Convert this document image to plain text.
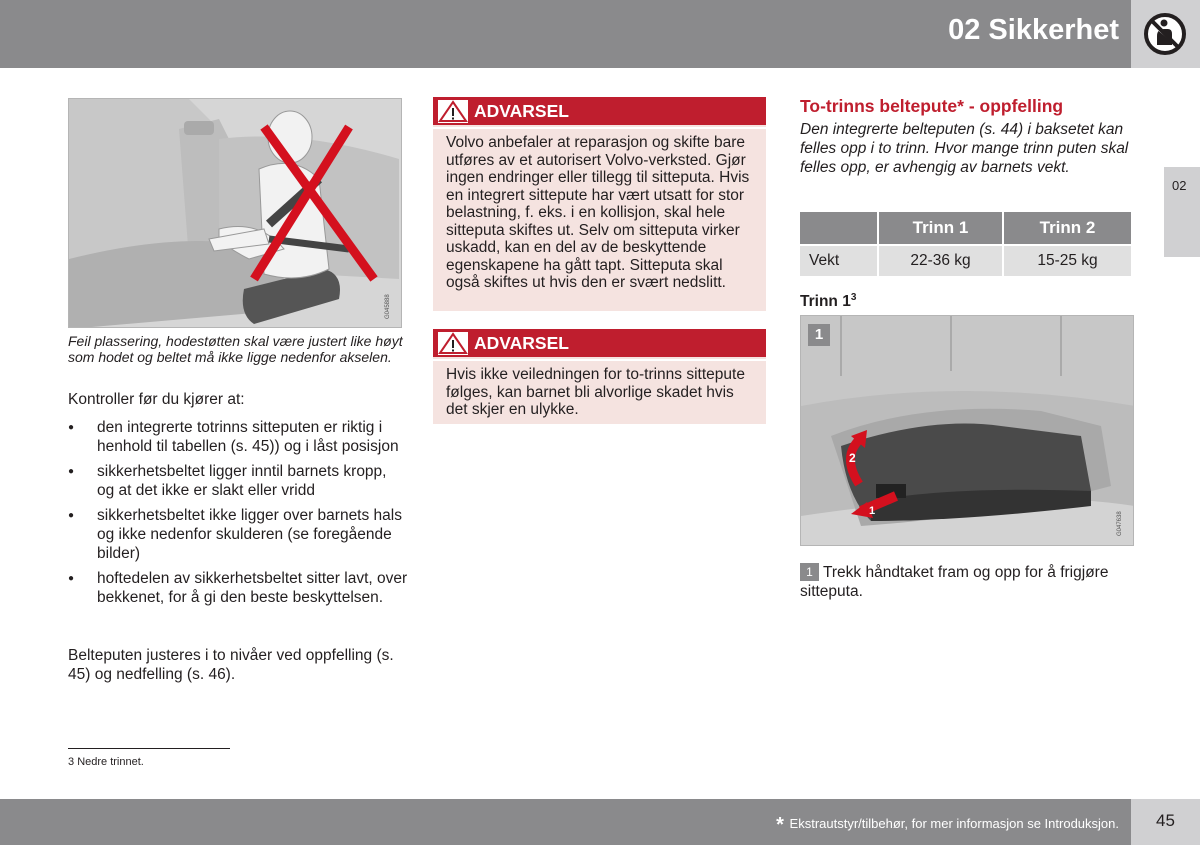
02 Sikkerhet
02
G045888
Feil plassering, hodestøtten skal være justert like høyt som hodet og beltet må ikke ligge nedenfor akselen.
Kontroller før du kjører at:
● den integrerte totrinns sitteputen er riktig i henhold til tabellen (s. 45)) og i låst posisjon
● sikkerhetsbeltet ligger inntil barnets kropp, og at det ikke er slakt eller vridd
● sikkerhetsbeltet ikke ligger over barnets hals og ikke nedenfor skulderen (se foregående bilder)
● hoftedelen av sikkerhetsbeltet sitter lavt, over bekkenet, for å gi den beste beskyttelsen.
Belteputen justeres i to nivåer ved oppfelling (s. 45) og nedfelling (s. 46).
ADVARSEL
Volvo anbefaler at reparasjon og skifte bare utføres av et autorisert Volvo-verksted. Gjør ingen endringer eller tillegg til sitteputa. Hvis en integrert sittepute har vært utsatt for stor belastning, f. eks. i en kollisjon, skal hele sitteputa skiftes ut. Selv om sitteputa virker uskadd, kan en del av de beskyttende egenskapene ha gått tapt. Sitteputa skal også skiftes ut hvis den er svært nedslitt.
ADVARSEL
Hvis ikke veiledningen for to-trinns sittepute følges, kan barnet bli alvorlige skadet hvis det skjer en ulykke.
To-trinns beltepute* - oppfelling
Den integrerte belteputen (s. 44) i baksetet kan felles opp i to trinn. Hvor mange trinn puten skal felles opp, er avhengig av barnets vekt.
	Trinn 1	Trinn 2
Vekt	22-36 kg	15-25 kg
Trinn $1^3$
2
1
1
G047638
1 Trekk håndtaket fram og opp for å frigjøre sitteputa.
3 Nedre trinnet.
* Ekstrautstyr/tilbehør, for mer informasjon se Introduksjon.	45
